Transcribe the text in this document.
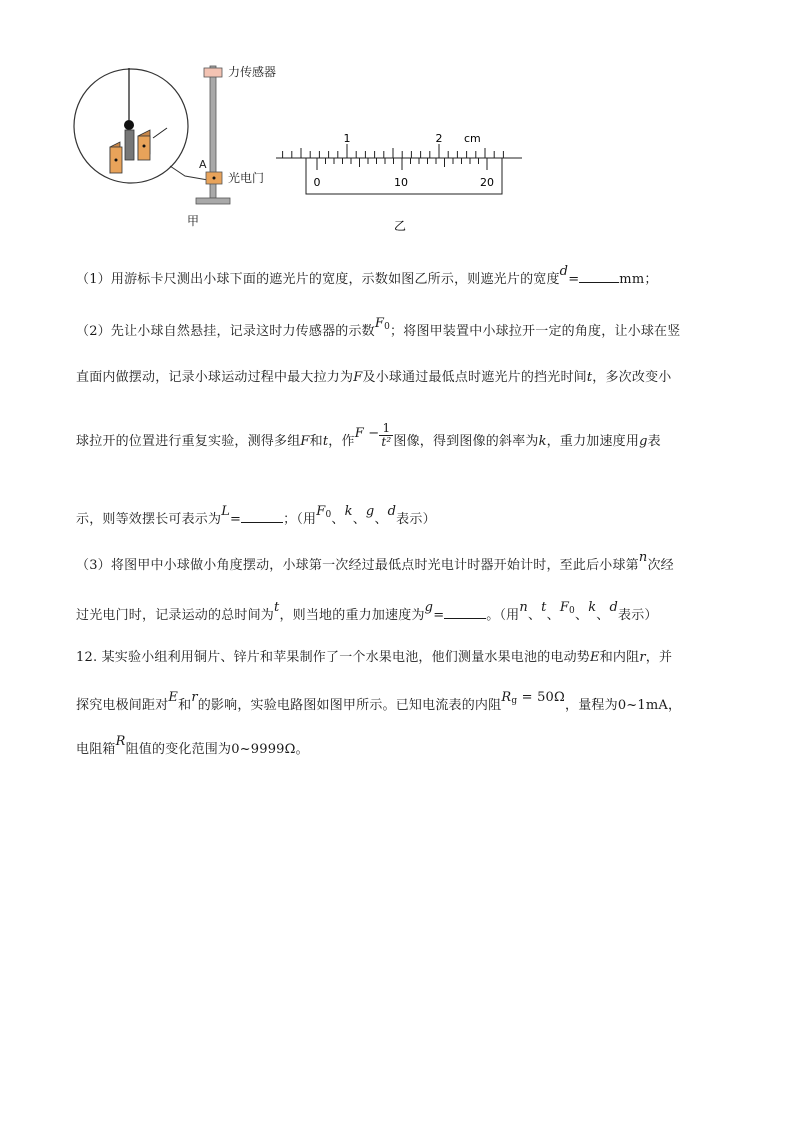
力传感器
光电门
A
甲
1	2 cm
0	10	20
乙
（1）用游标卡尺测出小球下面的遮光片的宽度，示数如图乙所示，则遮光片的宽度d=	mm；
（2）先让小球自然悬挂，记录这时力传感器的示数$F_0$；将图甲装置中小球拉开一定的角度，让小球在竖
直面内做摆动，记录小球运动过程中最大拉力为F及小球通过最低点时遮光片的挡光时间t，多次改变小
球拉开的位置进行重复实验，测得多组F和t，作$F - \frac{1}{\text{t²}}$ 图像，得到图像的斜率为k，重力加速度用g表
示，则等效摆长可表示为L=	；（用$F_0$、k、g、d表示）
（3）将图甲中小球做小角度摆动，小球第一次经过最低点时光电计时器开始计时，至此后小球第n次经
过光电门时，记录运动的总时间为t，则当地的重力加速度为g=	。（用n、t、$F_0$、k、d表示）
12. 某实验小组利用铜片、锌片和苹果制作了一个水果电池，他们测量水果电池的电动势E和内阻r，并
探究电极间距对E和r的影响，实验电路图如图甲所示。已知电流表的内阻$R_g = 50\Omega$，量程为0~1mA，
电阻箱R阻值的变化范围为0~9999Ω。
